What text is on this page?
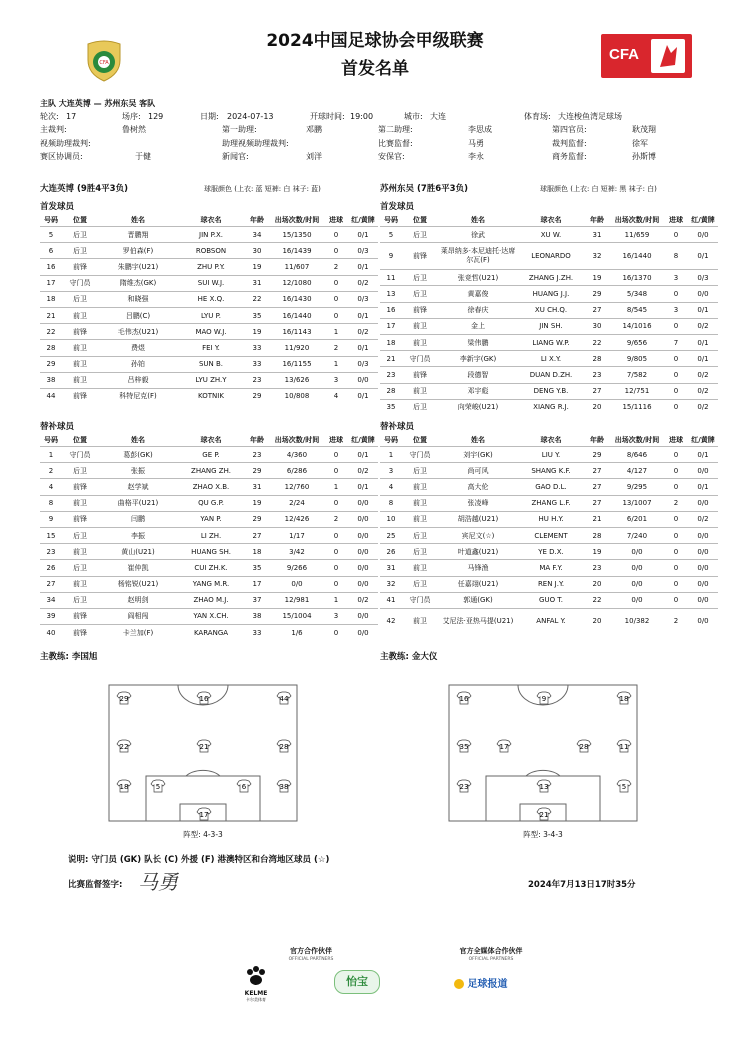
CFA
2024中国足球协会甲级联赛
首发名单
CFA
主队 大连英博 — 苏州东吴 客队
轮次: 17	场序: 129	日期: 2024-07-13	开球时间: 19:00	城市: 大连	体育场: 大连梭鱼湾足球场
主裁判:	鲁树然	第一助理:	邓鹏	第二助理:	李思成	第四官员:	耿茂翔
视频助理裁判:	助理视频助理裁判:	比赛监督:	马勇	裁判监督:	徐军
赛区协调员:	于健	新闻官:	刘洋	安保官:	李永	商务监督:	孙斯博
大连英博 (9胜4平3负)	球服颜色 (上衣: 蓝 短裤: 白 袜子: 蓝)	苏州东吴 (7胜6平3负)	球服颜色 (上衣: 白 短裤: 黑 袜子: 白)
首发球员	首发球员
号码	位置	姓名	球衣名	年龄	出场次数/时间	进球	红/黄牌
5	后卫	晋鹏翔	JIN P.X.	34	15/1350	0	0/1
6	后卫	罗伯森(F)	ROBSON	30	16/1439	0	0/3
16	前锋	朱鹏宇(U21)	ZHU P.Y.	19	11/607	2	0/1
17	守门员	隋维杰(GK)	SUI W.J.	31	12/1080	0	0/2
18	后卫	和晓强	HE X.Q.	22	16/1430	0	0/3
21	前卫	吕鹏(C)	LYU P.	35	16/1440	0	0/1
22	前锋	毛伟杰(U21)	MAO W.J.	19	16/1143	1	0/2
28	前卫	费煜	FEI Y.	33	11/920	2	0/1
29	前卫	孙铂	SUN B.	33	16/1155	1	0/3
38	前卫	吕梓毅	LYU ZH.Y	23	13/626	3	0/0
44	前锋	科特尼克(F)	KOTNIK	29	10/808	4	0/1
号码	位置	姓名	球衣名	年龄	出场次数/时间	进球	红/黄牌
5	后卫	徐武	XU W.	31	11/659	0	0/0
9	前锋	莱昂纳多·本尼迪托·达席尔瓦(F)	LEONARDO	32	16/1440	8	0/1
11	后卫	张竞哲(U21)	ZHANG J.ZH.	19	16/1370	3	0/3
13	后卫	黄嘉俊	HUANG J.J.	29	5/348	0	0/0
16	前锋	徐春庆	XU CH.Q.	27	8/545	3	0/1
17	前卫	金上	JIN SH.	30	14/1016	0	0/2
18	前卫	梁伟鹏	LIANG W.P.	22	9/656	7	0/1
21	守门员	李新宇(GK)	LI X.Y.	28	9/805	0	0/1
23	前锋	段德智	DUAN D.ZH.	23	7/582	0	0/2
28	前卫	邓宇彪	DENG Y.B.	27	12/751	0	0/2
35	后卫	向荣峻(U21)	XIANG R.J.	20	15/1116	0	0/2
替补球员	替补球员
号码	位置	姓名	球衣名	年龄	出场次数/时间	进球	红/黄牌
1	守门员	葛彭(GK)	GE P.	23	4/360	0	0/1
2	后卫	张振	ZHANG ZH.	29	6/286	0	0/2
4	前锋	赵学斌	ZHAO X.B.	31	12/760	1	0/1
8	前卫	曲格平(U21)	QU G.P.	19	2/24	0	0/0
9	前锋	闫鹏	YAN P.	29	12/426	2	0/0
15	后卫	李振	LI ZH.	27	1/17	0	0/0
23	前卫	黄山(U21)	HUANG SH.	18	3/42	0	0/0
26	后卫	崔仲凯	CUI ZH.K.	35	9/266	0	0/0
27	前卫	杨铭锐(U21)	YANG M.R.	17	0/0	0	0/0
34	后卫	赵明剑	ZHAO M.J.	37	12/981	1	0/2
39	前锋	阎相闯	YAN X.CH.	38	15/1004	3	0/0
40	前锋	卡兰加(F)	KARANGA	33	1/6	0	0/0
号码	位置	姓名	球衣名	年龄	出场次数/时间	进球	红/黄牌
1	守门员	刘宇(GK)	LIU Y.	29	8/646	0	0/1
3	后卫	尚可风	SHANG K.F.	27	4/127	0	0/0
4	前卫	高大伦	GAO D.L.	27	9/295	0	0/1
8	前卫	张凌峰	ZHANG L.F.	27	13/1007	2	0/0
10	前卫	胡浩越(U21)	HU H.Y.	21	6/201	0	0/2
25	后卫	宾尼文(☆)	CLEMENT	28	7/240	0	0/0
26	后卫	叶道鑫(U21)	YE D.X.	19	0/0	0	0/0
31	前卫	马锋渔	MA F.Y.	23	0/0	0	0/0
32	后卫	任嘉翊(U21)	REN J.Y.	20	0/0	0	0/0
41	守门员	郭通(GK)	GUO T.	22	0/0	0	0/0
42	前卫	艾尼法·亚热马提(U21)	ANFAL Y.	20	10/382	2	0/0
主教练: 李国旭	主教练: 金大仪
29	16	44
22	21	28
18	5	6	38
17
16	9	18
35	17	28	11
23	13	5
21
阵型: 4-3-3	阵型: 3-4-3
说明: 守门员 (GK) 队长 (C) 外援 (F) 港澳特区和台湾地区球员 (☆)
比赛监督签字: 马勇	2024年7月13日17时35分
官方合作伙伴
OFFICIAL PARTNERS
官方全媒体合作伙伴
OFFICIAL PARTNERS
KELME
卡尔美体育
怡宝	足球报道
